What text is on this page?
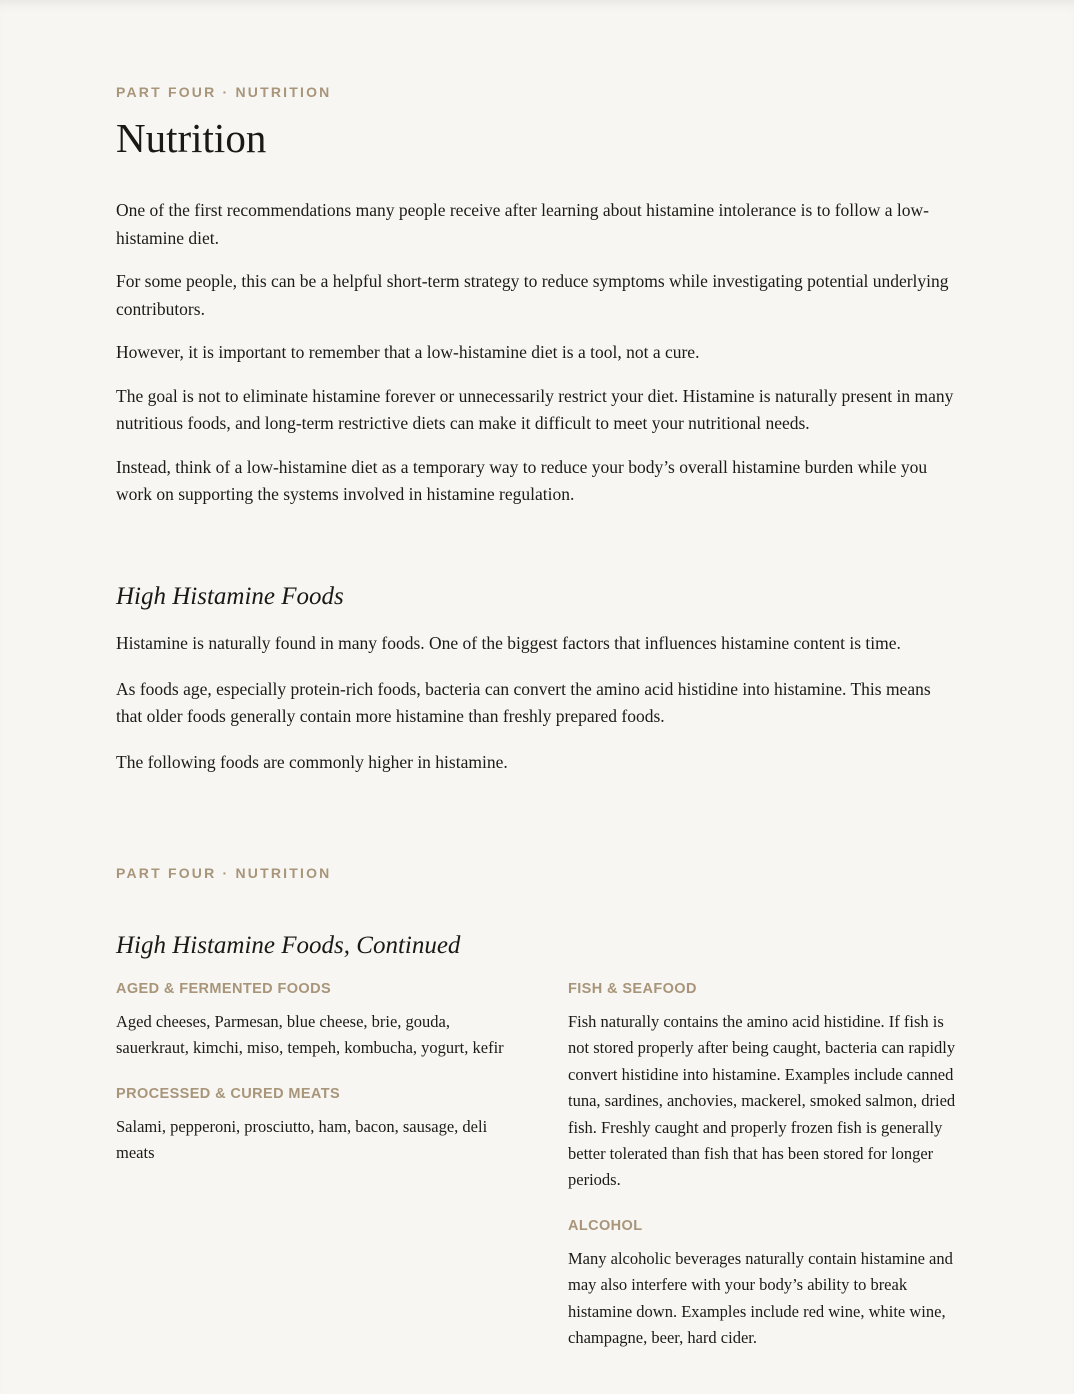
PART FOUR · NUTRITION
Nutrition

One of the first recommendations many people receive after learning about histamine intolerance is to follow a low-histamine diet.

For some people, this can be a helpful short-term strategy to reduce symptoms while investigating potential underlying contributors.

However, it is important to remember that a low-histamine diet is a tool, not a cure.

The goal is not to eliminate histamine forever or unnecessarily restrict your diet. Histamine is naturally present in many nutritious foods, and long-term restrictive diets can make it difficult to meet your nutritional needs.

Instead, think of a low-histamine diet as a temporary way to reduce your body’s overall histamine burden while you work on supporting the systems involved in histamine regulation.

High Histamine Foods

Histamine is naturally found in many foods. One of the biggest factors that influences histamine content is time.

As foods age, especially protein-rich foods, bacteria can convert the amino acid histidine into histamine. This means that older foods generally contain more histamine than freshly prepared foods.

The following foods are commonly higher in histamine.

PART FOUR · NUTRITION
High Histamine Foods, Continued
AGED & FERMENTED FOODS

Aged cheeses, Parmesan, blue cheese, brie, gouda, sauerkraut, kimchi, miso, tempeh, kombucha, yogurt, kefir

PROCESSED & CURED MEATS

Salami, pepperoni, prosciutto, ham, bacon, sausage, deli meats

FISH & SEAFOOD

Fish naturally contains the amino acid histidine. If fish is not stored properly after being caught, bacteria can rapidly convert histidine into histamine. Examples include canned tuna, sardines, anchovies, mackerel, smoked salmon, dried fish. Freshly caught and properly frozen fish is generally better tolerated than fish that has been stored for longer periods.

ALCOHOL

Many alcoholic beverages naturally contain histamine and may also interfere with your body’s ability to break histamine down. Examples include red wine, white wine, champagne, beer, hard cider.
